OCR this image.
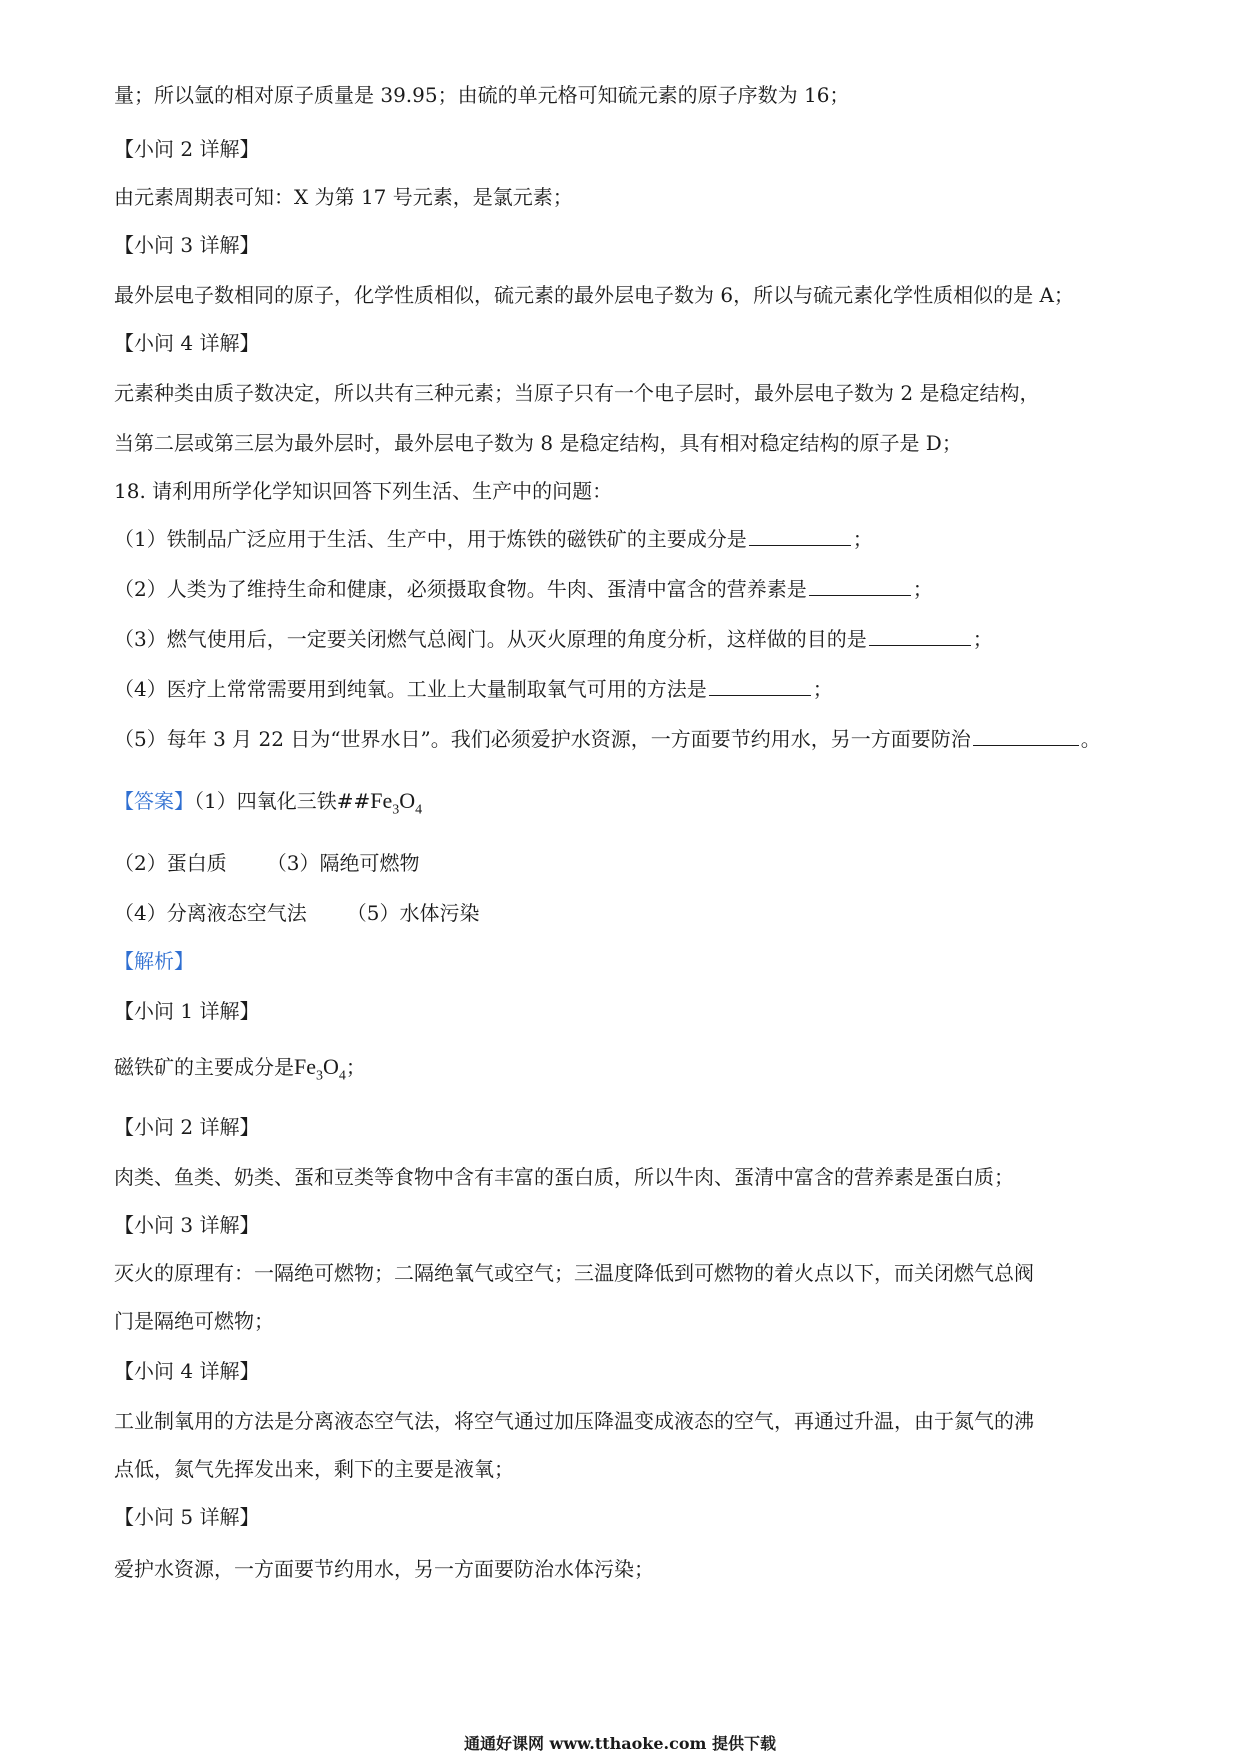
量；所以氩的相对原子质量是 39.95；由硫的单元格可知硫元素的原子序数为 16；
【小问 2 详解】
由元素周期表可知：X 为第 17 号元素，是氯元素；
【小问 3 详解】
最外层电子数相同的原子，化学性质相似，硫元素的最外层电子数为 6，所以与硫元素化学性质相似的是 A；
【小问 4 详解】
元素种类由质子数决定，所以共有三种元素；当原子只有一个电子层时，最外层电子数为 2 是稳定结构，
当第二层或第三层为最外层时，最外层电子数为 8 是稳定结构，具有相对稳定结构的原子是 D；
18. 请利用所学化学知识回答下列生活、生产中的问题：
（1）铁制品广泛应用于生活、生产中，用于炼铁的磁铁矿的主要成分是	；
（2）人类为了维持生命和健康，必须摄取食物。牛肉、蛋清中富含的营养素是	；
（3）燃气使用后，一定要关闭燃气总阀门。从灭火原理的角度分析，这样做的目的是	；
（4）医疗上常常需要用到纯氧。工业上大量制取氧气可用的方法是	；
（5）每年 3 月 22 日为“世界水日”。我们必须爱护水资源，一方面要节约用水，另一方面要防治	。
【答案】（1）四氧化三铁$\#\#Fe_3O_4$
（2）蛋白质 （3）隔绝可燃物
（4）分离液态空气法 （5）水体污染
【解析】
【小问 1 详解】
磁铁矿的主要成分是$Fe_3O_4$；
【小问 2 详解】
肉类、鱼类、奶类、蛋和豆类等食物中含有丰富的蛋白质，所以牛肉、蛋清中富含的营养素是蛋白质；
【小问 3 详解】
灭火的原理有：一隔绝可燃物；二隔绝氧气或空气；三温度降低到可燃物的着火点以下，而关闭燃气总阀
门是隔绝可燃物；
【小问 4 详解】
工业制氧用的方法是分离液态空气法，将空气通过加压降温变成液态的空气，再通过升温，由于氮气的沸
点低，氮气先挥发出来，剩下的主要是液氧；
【小问 5 详解】
爱护水资源，一方面要节约用水，另一方面要防治水体污染；
通通好课网 www.tthaoke.com 提供下载
